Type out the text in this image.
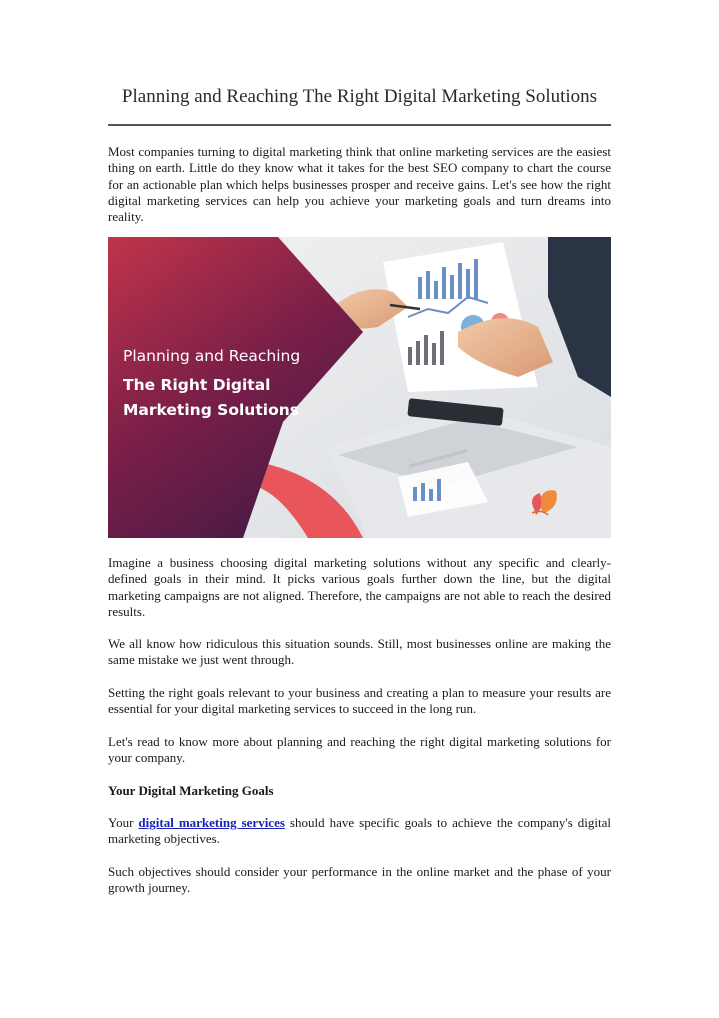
Planning and Reaching The Right Digital Marketing Solutions

Most companies turning to digital marketing think that online marketing services are the easiest thing on earth. Little do they know what it takes for the best SEO company to chart the course for an actionable plan which helps businesses prosper and receive gains. Let's see how the right digital marketing services can help you achieve your marketing goals and turn dreams into reality.

Planning and Reaching

The Right Digital

Marketing Solutions

Imagine a business choosing digital marketing solutions without any specific and clearly-defined goals in their mind. It picks various goals further down the line, but the digital marketing campaigns are not aligned. Therefore, the campaigns are not able to reach the desired results.

We all know how ridiculous this situation sounds. Still, most businesses online are making the same mistake we just went through.

Setting the right goals relevant to your business and creating a plan to measure your results are essential for your digital marketing services to succeed in the long run.

Let's read to know more about planning and reaching the right digital marketing solutions for your company.

Your Digital Marketing Goals

Your digital marketing services should have specific goals to achieve the company's digital marketing objectives.

Such objectives should consider your performance in the online market and the phase of your growth journey.
